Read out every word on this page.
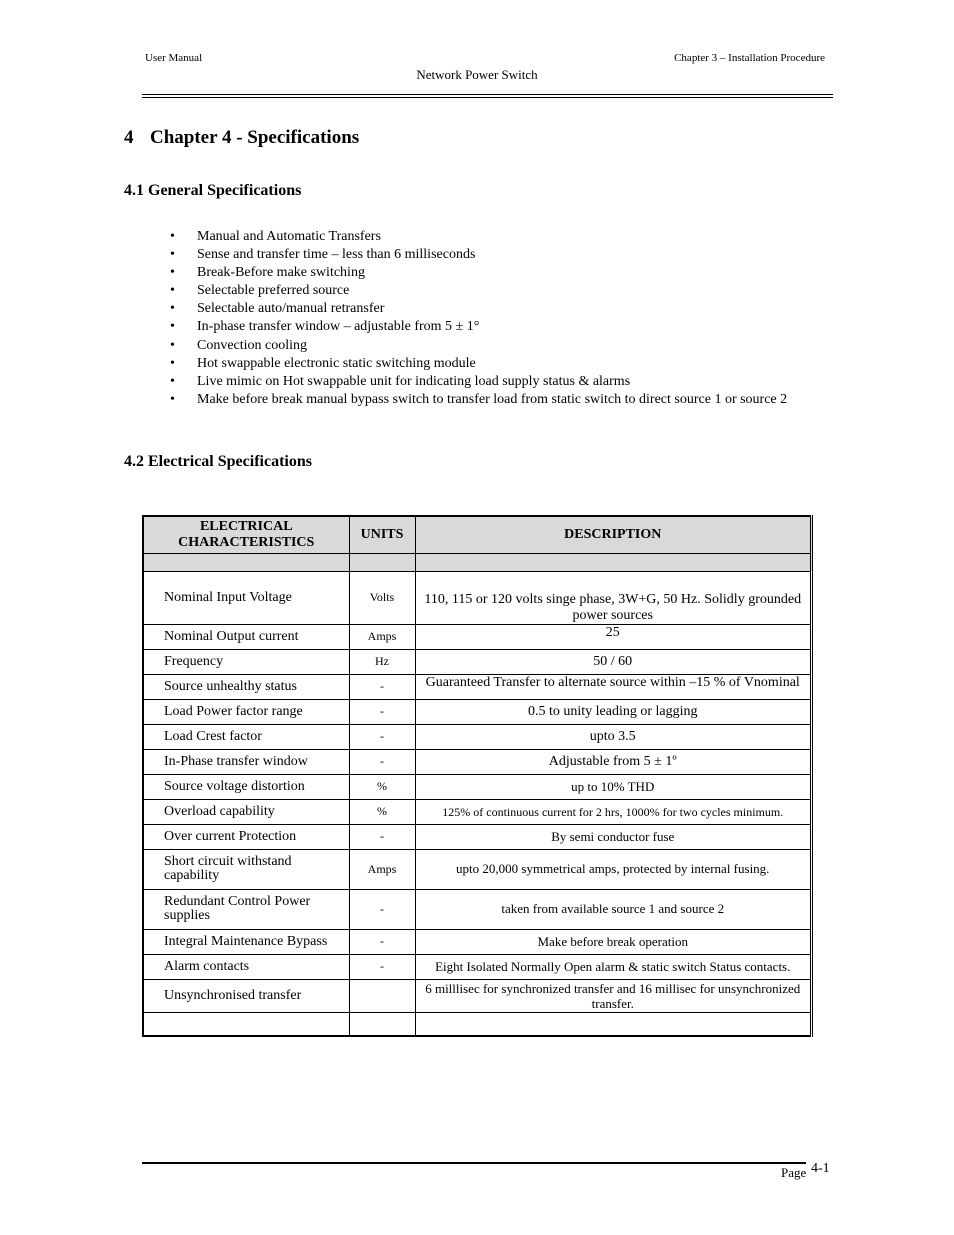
User Manual	Chapter 3 – Installation Procedure
Network Power Switch
4 Chapter 4 - Specifications
4.1 General Specifications
• Manual and Automatic Transfers
• Sense and transfer time – less than 6 milliseconds
• Break-Before make switching
• Selectable preferred source
• Selectable auto/manual retransfer
• In-phase transfer window – adjustable from 5 ± 1°
• Convection cooling
• Hot swappable electronic static switching module
• Live mimic on Hot swappable unit for indicating load supply status & alarms
• Make before break manual bypass switch to transfer load from static switch to direct source 1 or source 2
4.2 Electrical Specifications
ELECTRICAL CHARACTERISTICS	UNITS	DESCRIPTION

Nominal Input Voltage	Volts	110, 115 or 120 volts singe phase, 3W+G, 50 Hz. Solidly grounded power sources
Nominal Output current	Amps	25
Frequency	Hz	50 / 60
Source unhealthy status	-	Guaranteed Transfer to alternate source within –15 % of Vnominal
Load Power factor range	-	0.5 to unity leading or lagging
Load Crest factor	-	upto 3.5
In-Phase transfer window	-	Adjustable from 5 ± 1º
Source voltage distortion	%	up to 10% THD
Overload capability	%	125% of continuous current for 2 hrs, 1000% for two cycles minimum.
Over current Protection	-	By semi conductor fuse
Short circuit withstand capability	Amps	upto 20,000 symmetrical amps, protected by internal fusing.
Redundant Control Power supplies	-	taken from available source 1 and source 2
Integral Maintenance Bypass	-	Make before break operation
Alarm contacts	-	Eight Isolated Normally Open alarm & static switch Status contacts.
Unsynchronised transfer		6 milllisec for synchronized transfer and 16 millisec for unsynchronized transfer.

Page 4-1
